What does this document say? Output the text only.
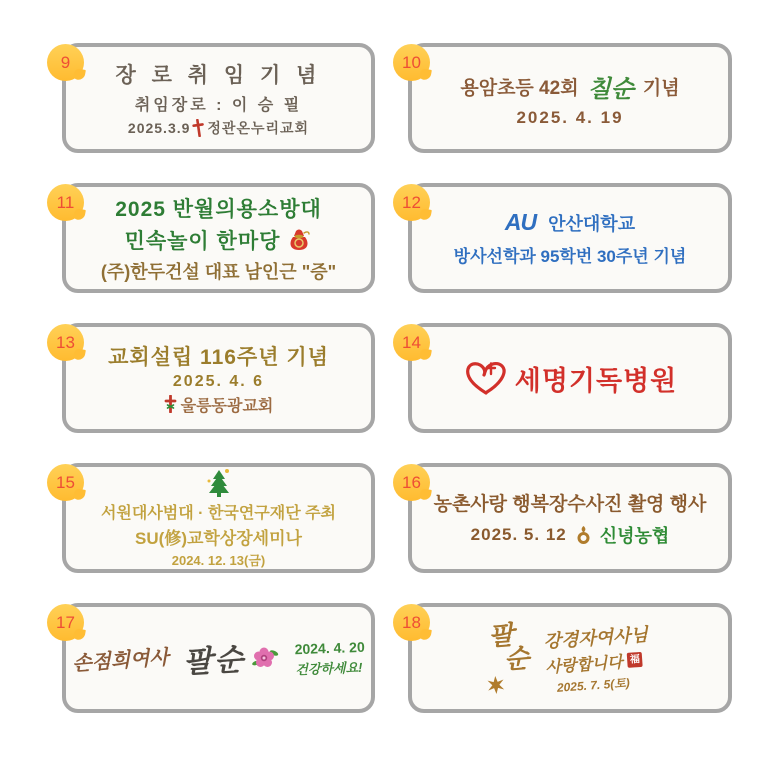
9
장 로 취 임 기 념
취임장로 : 이 승 필
2025.3.9 정관온누리교회
10
용암초등 42회 칠순 기념
2025. 4. 19
11 2025 반월의용소방대
민속놀이 한마당
(주)한두건설 대표 남인근 "증"
12
AU 안산대학교
방사선학과 95학번 30주년 기념
13
교회설립 116주년 기념
2025. 4. 6
울릉동광교회
14
세명기독병원
15
서원대사범대 · 한국연구재단 주최
SU(修)교학상장세미나
2024. 12. 13(금)
16
농촌사랑 행복장수사진 촬영 행사
2025. 5. 12 신녕농협
17
손점희여사 팔순	2024. 4. 20
건강하세요!
18	팔
순
강경자여사님
사랑합니다 福
2025. 7. 5(토)
